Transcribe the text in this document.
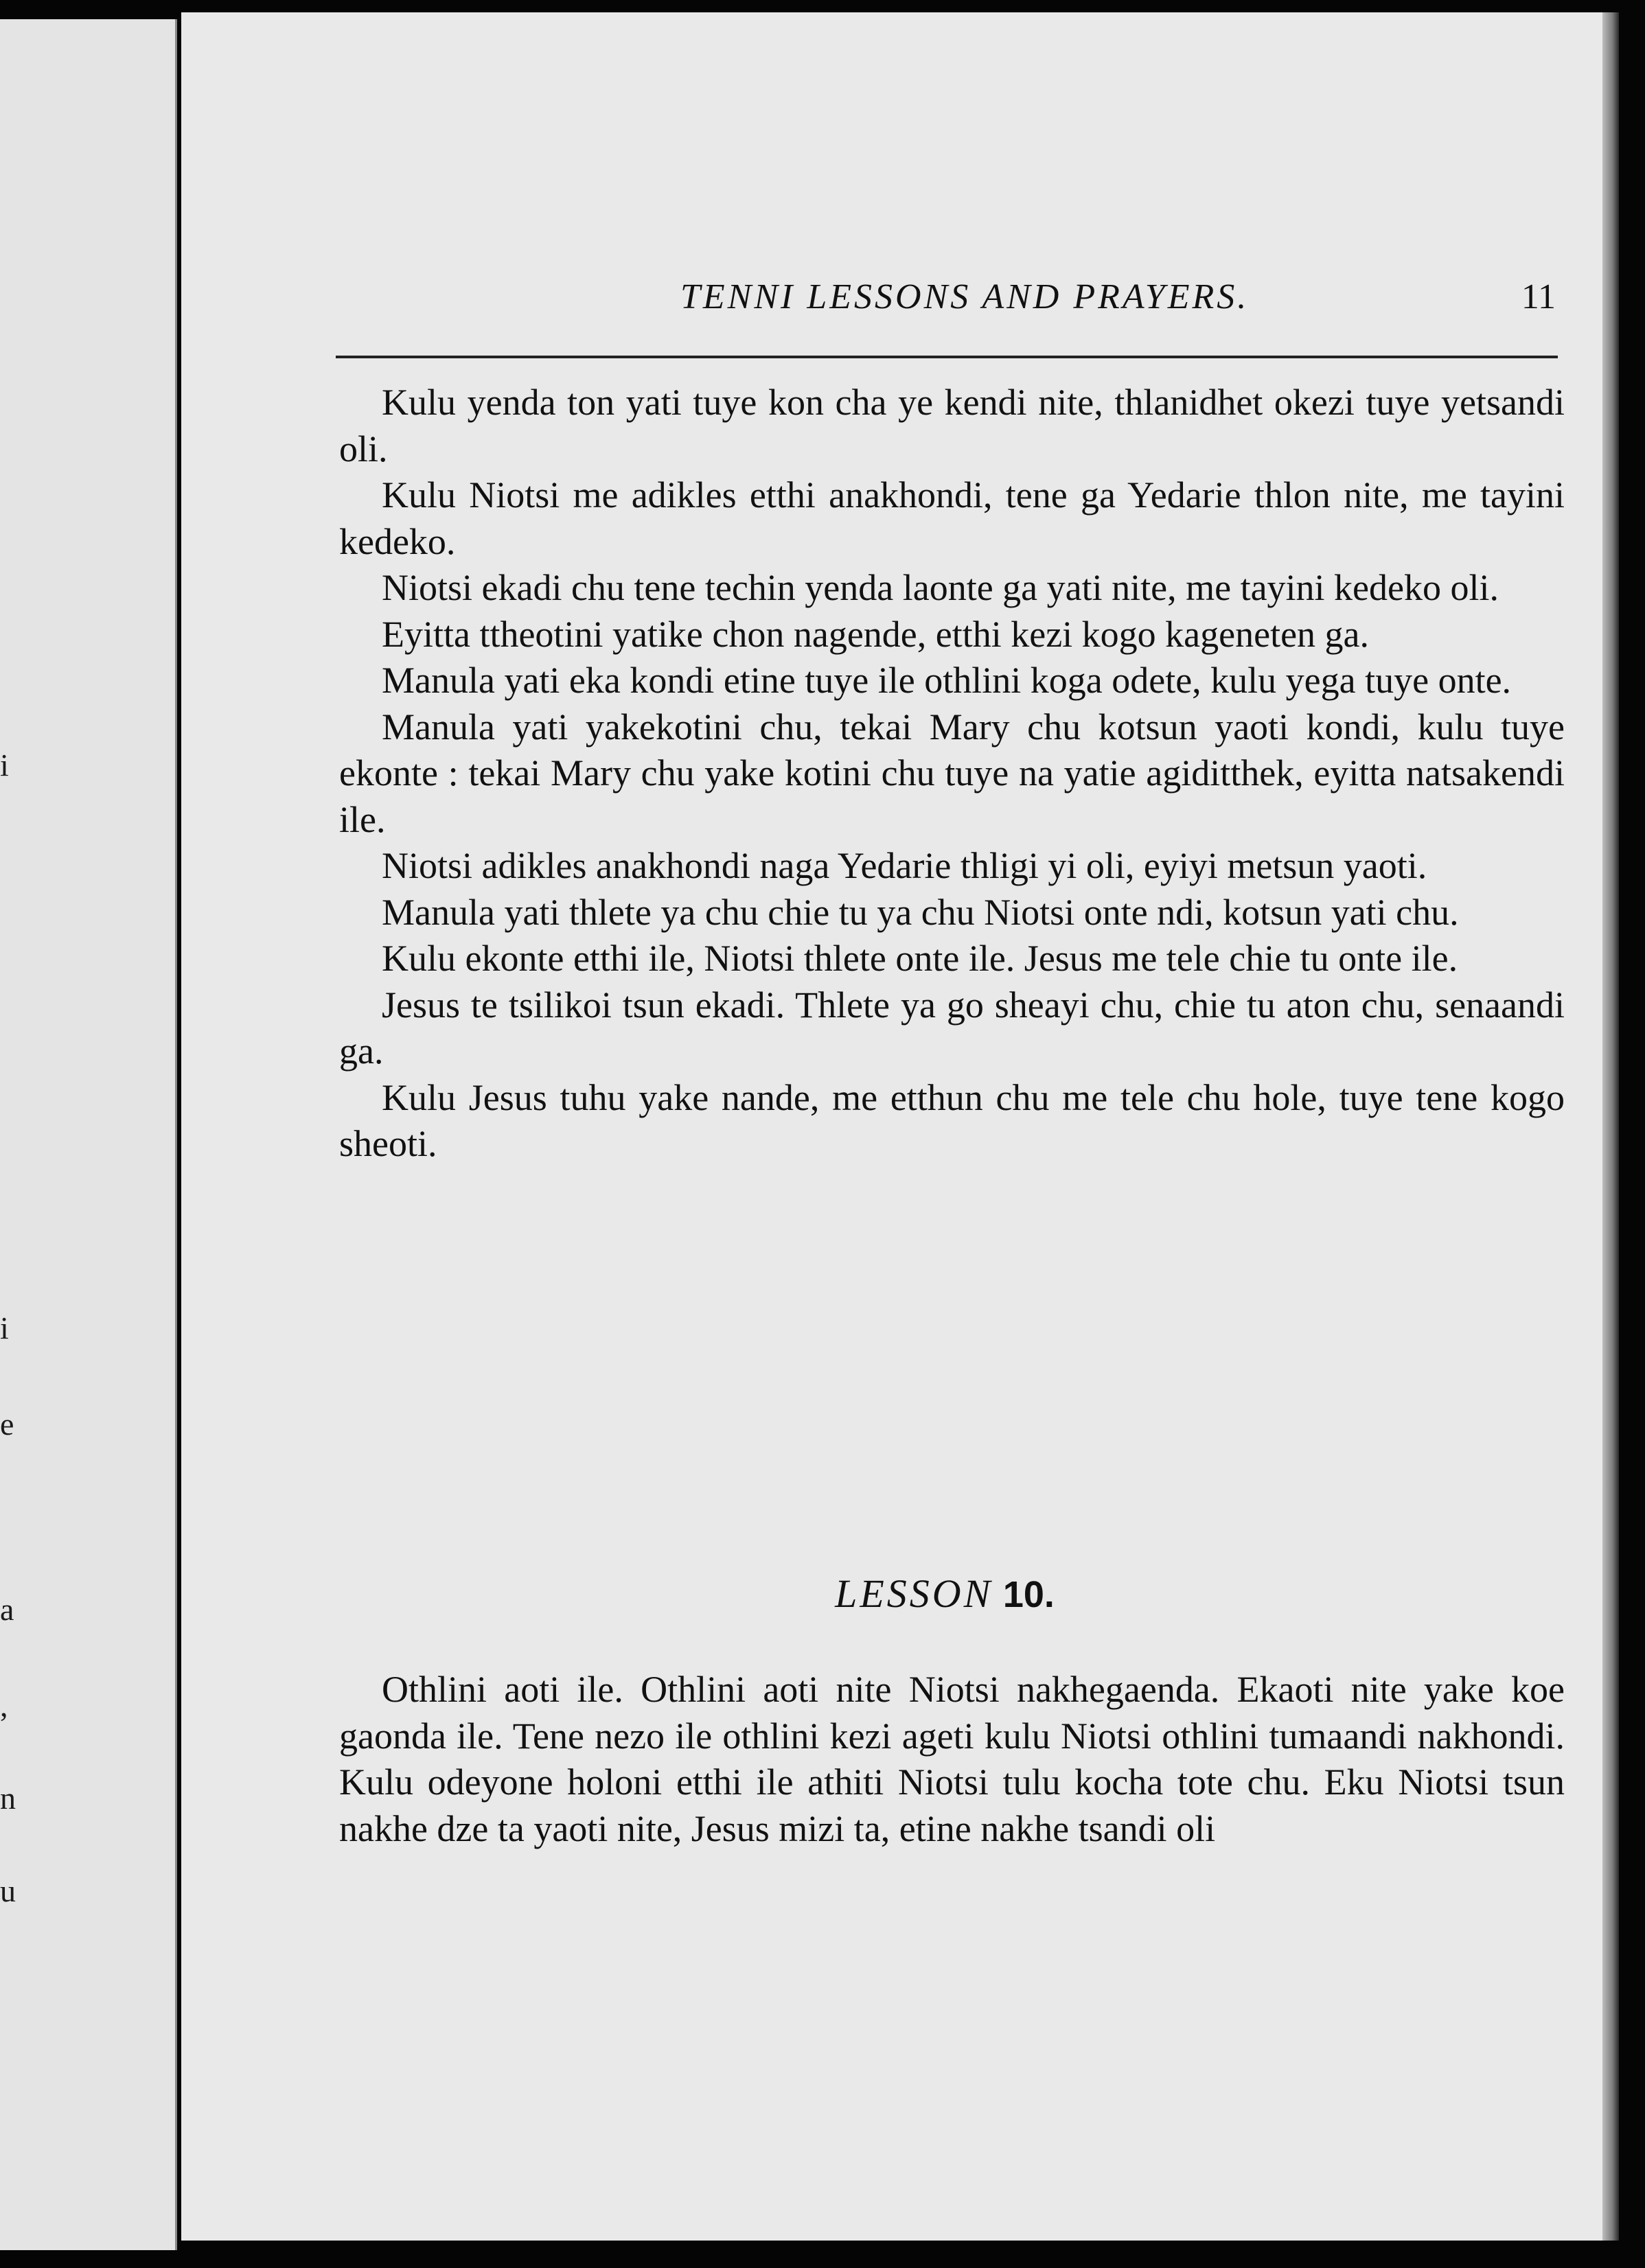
i
i
e
a
,
n
u
TENNI LESSONS AND PRAYERS.	11

Kulu yenda ton yati tuye kon cha ye kendi nite, thlanidhet okezi tuye yetsandi oli.

Kulu Niotsi me adikles etthi anakhondi, tene ga Yedarie thlon nite, me tayini kedeko.

Niotsi ekadi chu tene techin yenda laonte ga yati nite, me tayini kedeko oli.

Eyitta ttheotini yatike chon nagende, etthi kezi kogo kageneten ga.

Manula yati eka kondi etine tuye ile othlini koga odete, kulu yega tuye onte.

Manula yati yakekotini chu, tekai Mary chu kotsun yaoti kondi, kulu tuye ekonte : tekai Mary chu yake kotini chu tuye na yatie agiditthek, eyitta natsakendi ile.

Niotsi adikles anakhondi naga Yedarie thligi yi oli, eyiyi metsun yaoti.

Manula yati thlete ya chu chie tu ya chu Niotsi onte ndi, kotsun yati chu.

Kulu ekonte etthi ile, Niotsi thlete onte ile. Jesus me tele chie tu onte ile.

Jesus te tsilikoi tsun ekadi. Thlete ya go sheayi chu, chie tu aton chu, senaandi ga.

Kulu Jesus tuhu yake nande, me etthun chu me tele chu hole, tuye tene kogo sheoti.

LESSON 10.

Othlini aoti ile. Othlini aoti nite Niotsi nakhegaenda. Ekaoti nite yake koe gaonda ile. Tene nezo ile othlini kezi ageti kulu Niotsi othlini tumaandi nakhondi. Kulu odeyone holoni etthi ile athiti Niotsi tulu kocha tote chu. Eku Niotsi tsun nakhe dze ta yaoti nite, Jesus mizi ta, etine nakhe tsandi oli
